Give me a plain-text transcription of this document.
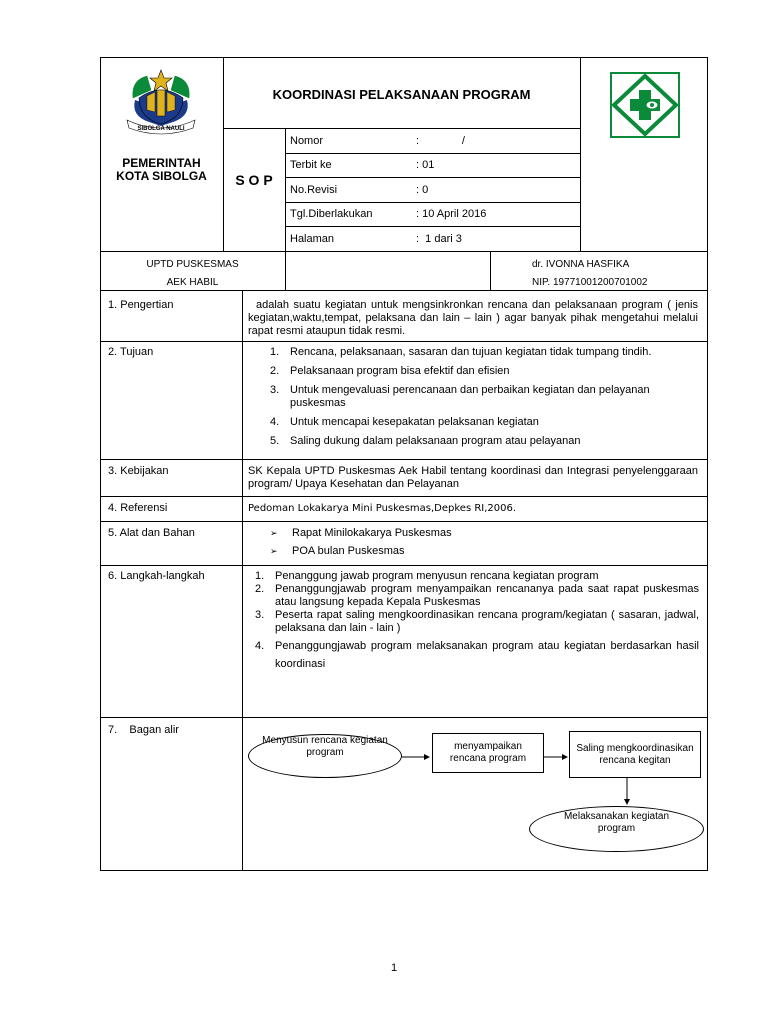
SIBOLGA NAULI
PEMERINTAH
KOTA SIBOLGA
KOORDINASI PELAKSANAAN PROGRAM
S O P
Nomor	:              /
Terbit ke	: 01
No.Revisi	: 0
Tgl.Diberlakukan	: 10 April 2016
Halaman	:  1 dari 3
UPTD PUSKESMAS
AEK HABIL
dr. IVONNA HASFIKA
NIP. 19771001200701002
1. Pengertian	adalah suatu kegiatan untuk mengsinkronkan rencana dan pelaksanaan program ( jenis kegiatan,waktu,tempat, pelaksana dan lain – lain ) agar banyak pihak mengetahui melalui rapat resmi ataupun tidak resmi.
2. Tujuan	1. Rencana, pelaksanaan, sasaran dan tujuan kegiatan tidak tumpang tindih.
2. Pelaksanaan program bisa efektif dan efisien
3. Untuk mengevaluasi perencanaan dan perbaikan kegiatan dan pelayanan puskesmas
4. Untuk mencapai kesepakatan pelaksanan kegiatan
5. Saling dukung dalam pelaksanaan program atau pelayanan
3. Kebijakan	SK Kepala UPTD Puskesmas Aek Habil tentang koordinasi dan Integrasi penyelenggaraan program/ Upaya Kesehatan dan Pelayanan
4. Referensi	Pedoman Lokakarya Mini Puskesmas,Depkes RI,2006.
5. Alat dan Bahan	➢ Rapat Minilokakarya Puskesmas
➢ POA bulan Puskesmas
6. Langkah-langkah	1. Penanggung jawab program menyusun rencana kegiatan program
2. Penanggungjawab program menyampaikan rencananya pada saat rapat puskesmas atau langsung kepada Kepala Puskesmas
3. Peserta rapat saling mengkoordinasikan rencana program/kegiatan ( sasaran, jadwal, pelaksana dan lain - lain )
4. Penanggungjawab program melaksanakan program atau kegiatan berdasarkan hasil koordinasi
7.    Bagan alir
Menyusun rencana kegiatan program
menyampaikan rencana program
Saling mengkoordinasikan rencana kegitan
Melaksanakan kegiatan program
1
